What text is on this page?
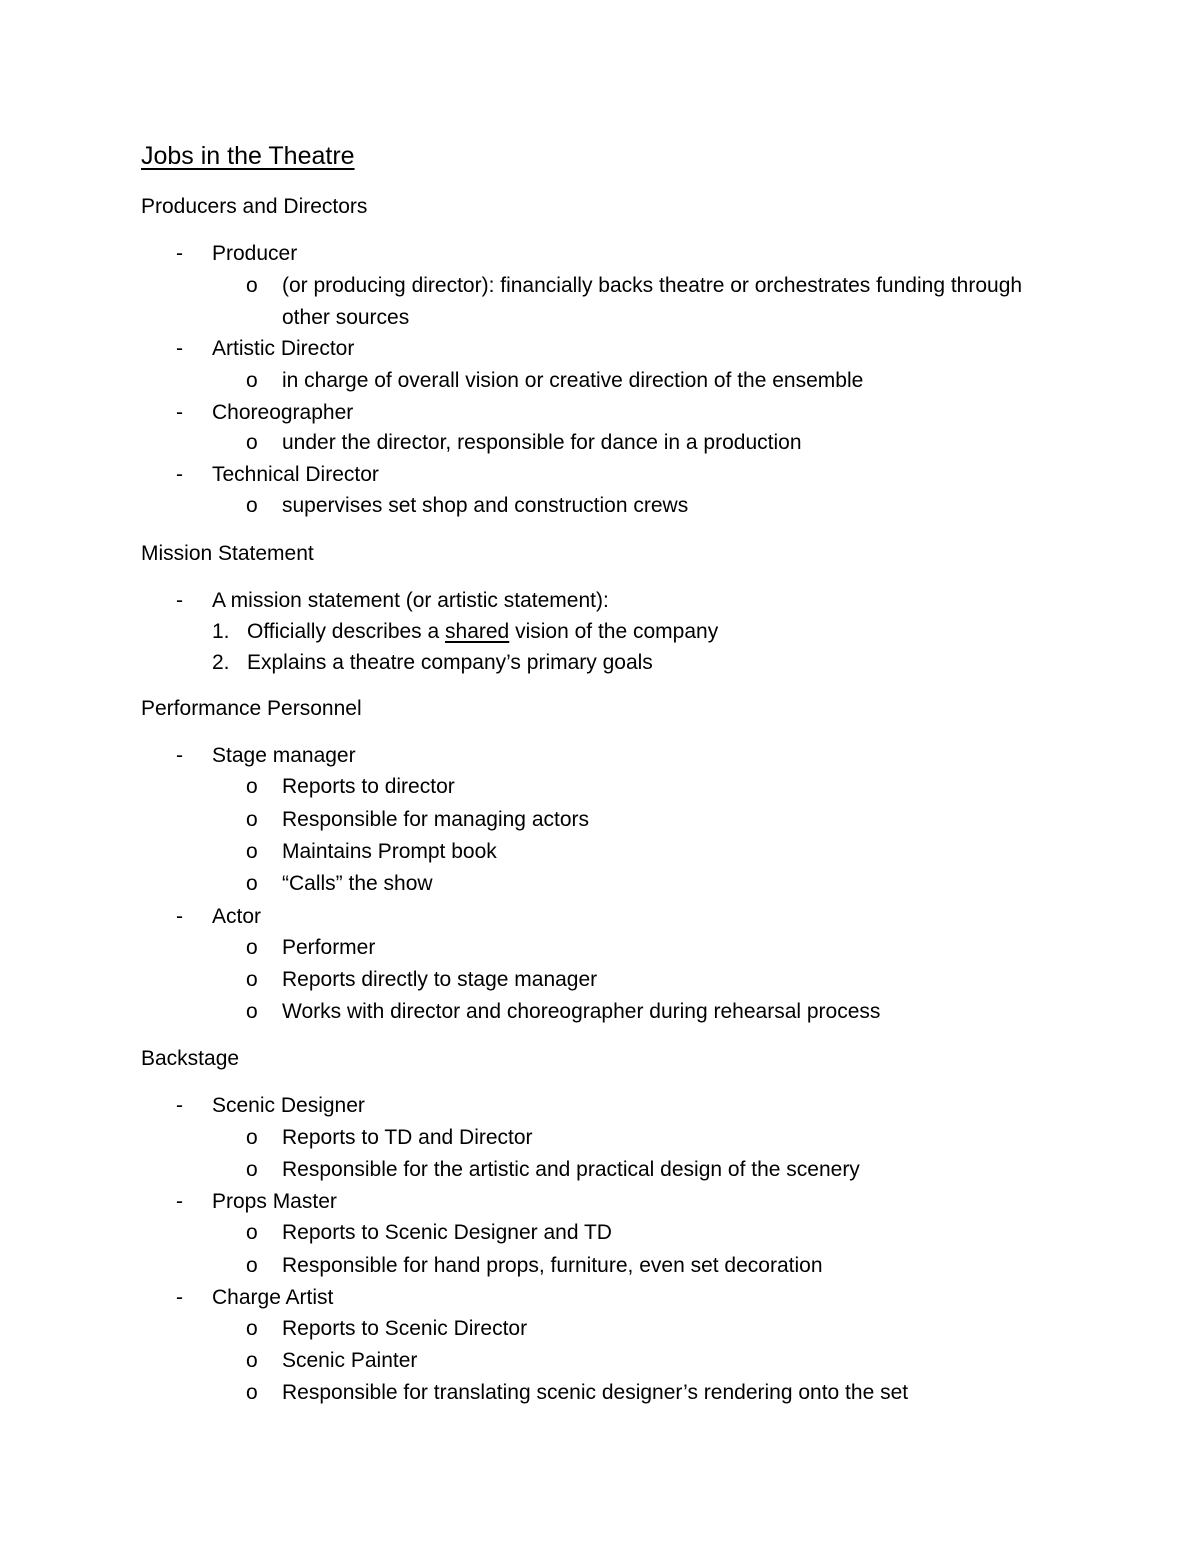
Jobs in the Theatre
Producers and Directors
- Producer
o (or producing director): financially backs theatre or orchestrates funding through
other sources
- Artistic Director
o in charge of overall vision or creative direction of the ensemble
- Choreographer
o under the director, responsible for dance in a production
- Technical Director
o supervises set shop and construction crews
Mission Statement
- A mission statement (or artistic statement):
1. Officially describes a shared vision of the company
2. Explains a theatre company’s primary goals
Performance Personnel
- Stage manager
o Reports to director
o Responsible for managing actors
o Maintains Prompt book
o “Calls” the show
- Actor
o Performer
o Reports directly to stage manager
o Works with director and choreographer during rehearsal process
Backstage
- Scenic Designer
o Reports to TD and Director
o Responsible for the artistic and practical design of the scenery
- Props Master
o Reports to Scenic Designer and TD
o Responsible for hand props, furniture, even set decoration
- Charge Artist
o Reports to Scenic Director
o Scenic Painter
o Responsible for translating scenic designer’s rendering onto the set
